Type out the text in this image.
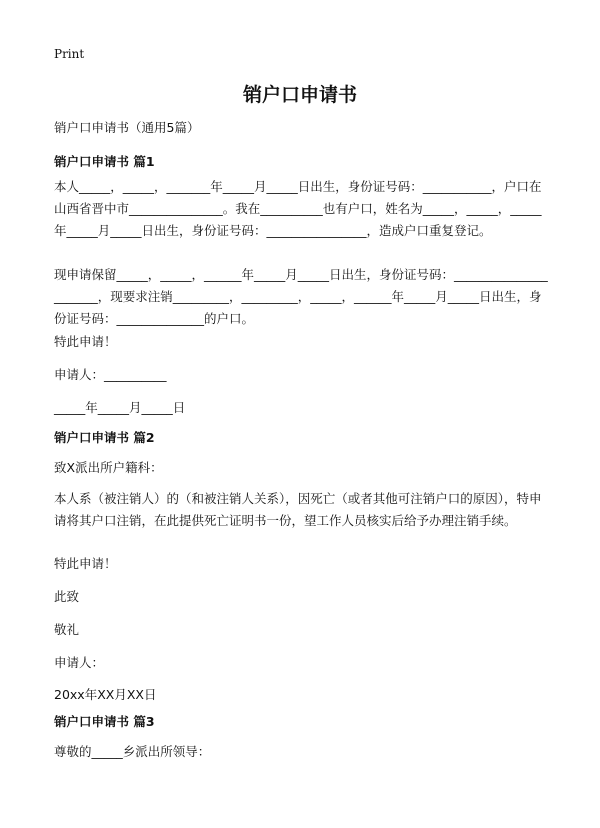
Print
销户口申请书

销户口申请书（通用5篇）

销户口申请书 篇1

本人_____，_____，_______年_____月_____日出生，身份证号码：___________，户口在山西省晋中市_______________。我在__________也有户口，姓名为_____，_____，_____年_____月_____日出生，身份证号码：________________，造成户口重复登记。

现申请保留_____，_____，______年_____月_____日出生，身份证号码：______________________，现要求注销_________，_________，_____，______年_____月_____日出生，身份证号码：______________的户口。

特此申请！

申请人：__________

_____年_____月_____日

销户口申请书 篇2

致X派出所户籍科：

本人系（被注销人）的（和被注销人关系），因死亡（或者其他可注销户口的原因），特申请将其户口注销，在此提供死亡证明书一份，望工作人员核实后给予办理注销手续。

特此申请！

此致

敬礼

申请人：

20xx年XX月XX日

销户口申请书 篇3

尊敬的_____乡派出所领导：
